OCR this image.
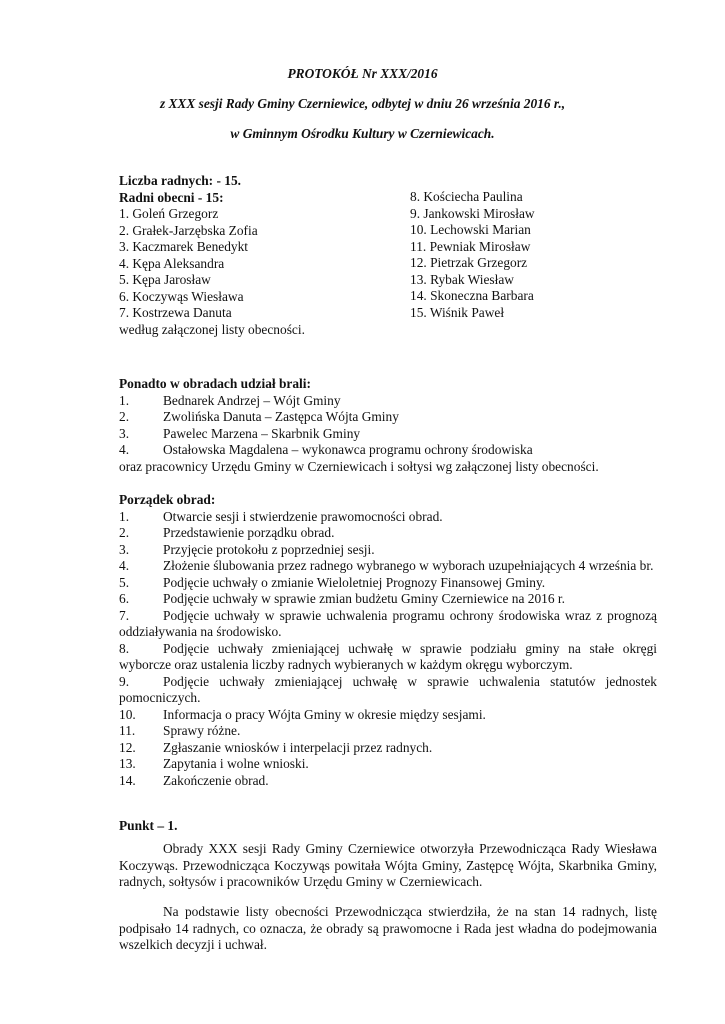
PROTOKÓŁ Nr XXX/2016
z XXX sesji Rady Gminy Czerniewice, odbytej w dniu 26 września 2016 r.,
w Gminnym Ośrodku Kultury w Czerniewicach.
Liczba radnych: - 15.
Radni obecni - 15:
1. Goleń Grzegorz
2. Grałek-Jarzębska Zofia
3. Kaczmarek Benedykt
4. Kępa Aleksandra
5. Kępa Jarosław
6. Koczywąs Wiesława
7. Kostrzewa Danuta
według załączonej listy obecności.
8. Kościecha Paulina
9. Jankowski Mirosław
10. Lechowski Marian
11. Pewniak Mirosław
12. Pietrzak Grzegorz
13. Rybak Wiesław
14. Skoneczna Barbara
15. Wiśnik Paweł
Ponadto w obradach udział brali:
1.	Bednarek Andrzej – Wójt Gminy
2.	Zwolińska Danuta – Zastępca Wójta Gminy
3.	Pawelec Marzena – Skarbnik Gminy
4.	Ostałowska Magdalena – wykonawca programu ochrony środowiska
oraz pracownicy Urzędu Gminy w Czerniewicach i sołtysi wg załączonej listy obecności.
Porządek obrad:
1.	Otwarcie sesji i stwierdzenie prawomocności obrad.
2.	Przedstawienie porządku obrad.
3.	Przyjęcie protokołu z poprzedniej sesji.
4.	Złożenie ślubowania przez radnego wybranego w wyborach uzupełniających 4 września br.
5.	Podjęcie uchwały o zmianie Wieloletniej Prognozy Finansowej Gminy.
6.	Podjęcie uchwały w sprawie zmian budżetu Gminy Czerniewice na 2016 r.
7.	Podjęcie uchwały w sprawie uchwalenia programu ochrony środowiska wraz z prognozą
oddziaływania na środowisko.
8.	Podjęcie uchwały zmieniającej uchwałę w sprawie podziału gminy na stałe okręgi
wyborcze oraz ustalenia liczby radnych wybieranych w każdym okręgu wyborczym.
9.	Podjęcie uchwały zmieniającej uchwałę w sprawie uchwalenia statutów jednostek
pomocniczych.
10. Informacja o pracy Wójta Gminy w okresie między sesjami.
11. Sprawy różne.
12. Zgłaszanie wniosków i interpelacji przez radnych.
13. Zapytania i wolne wnioski.
14. Zakończenie obrad.
Punkt – 1.
Obrady XXX sesji Rady Gminy Czerniewice otworzyła Przewodnicząca Rady Wiesława Koczywąs. Przewodnicząca Koczywąs powitała Wójta Gminy, Zastępcę Wójta, Skarbnika Gminy, radnych, sołtysów i pracowników Urzędu Gminy w Czerniewicach.
Na podstawie listy obecności Przewodnicząca stwierdziła, że na stan 14 radnych, listę podpisało 14 radnych, co oznacza, że obrady są prawomocne i Rada jest władna do podejmowania wszelkich decyzji i uchwał.
